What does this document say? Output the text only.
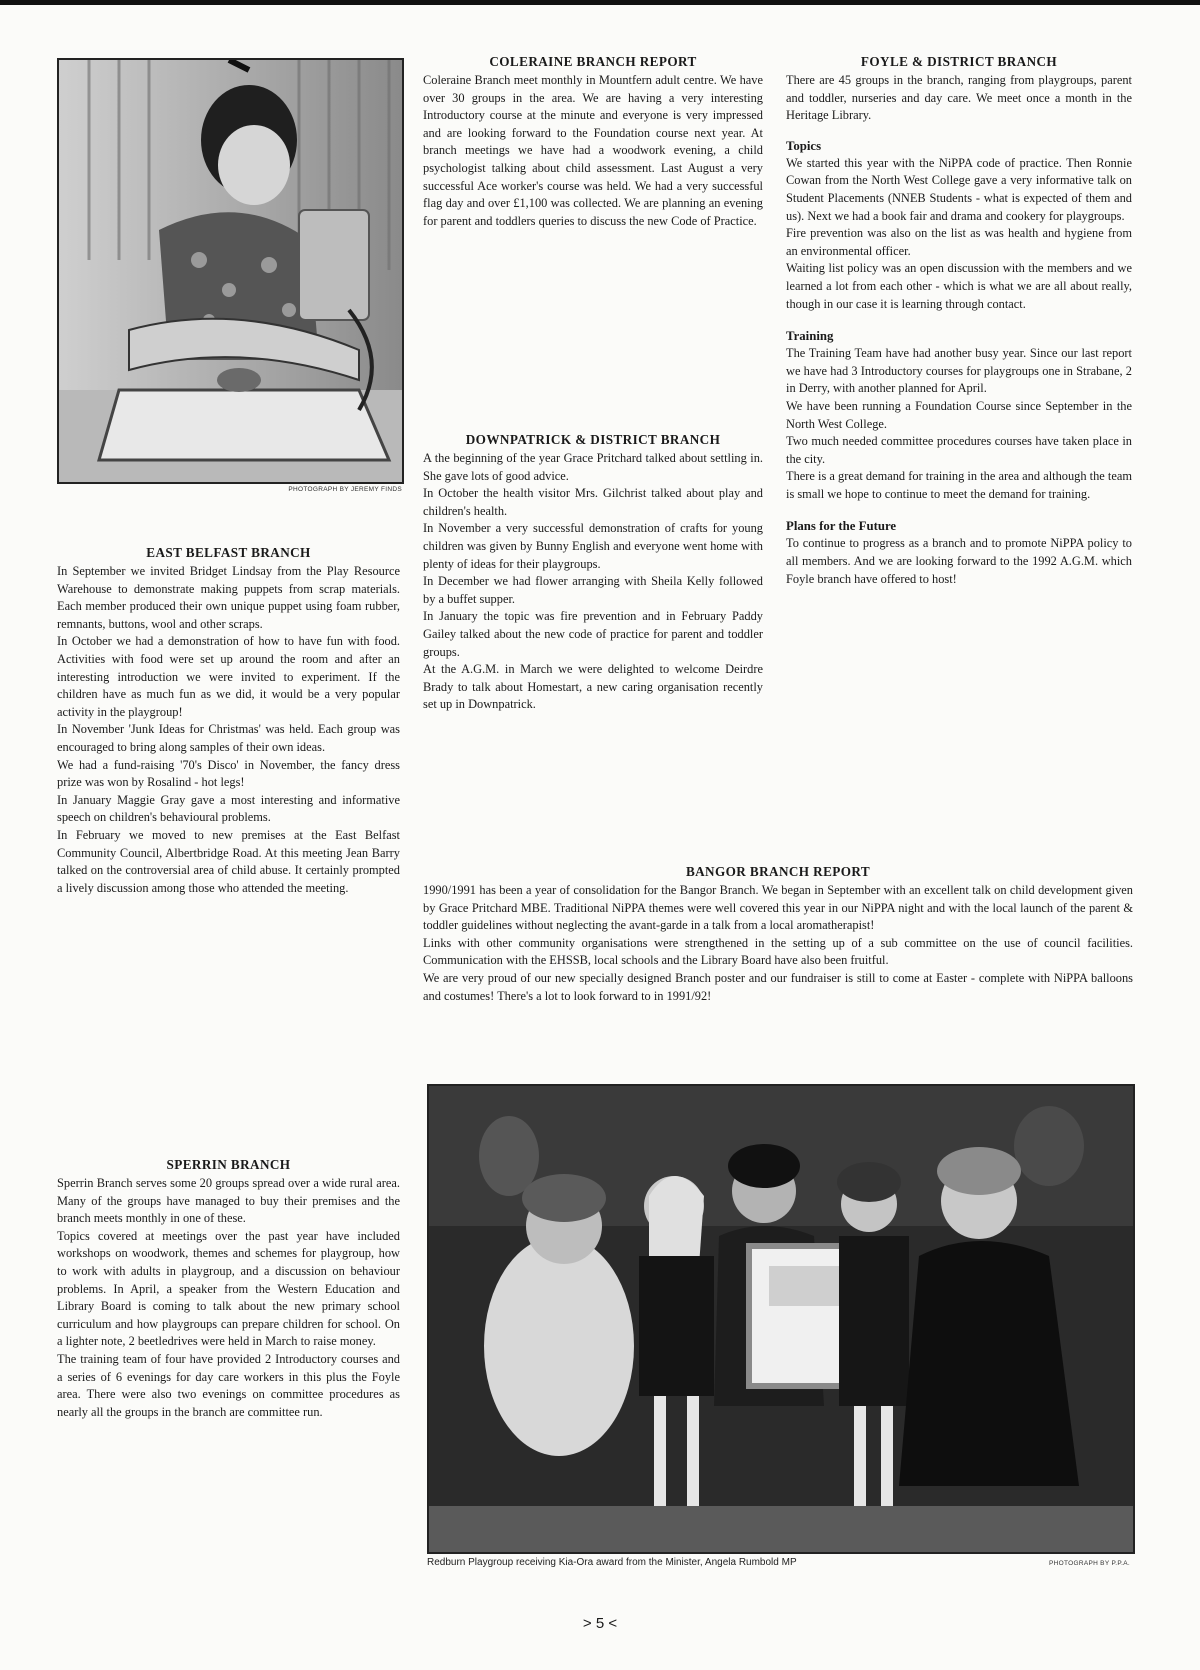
PHOTOGRAPH BY JEREMY FINDS
EAST BELFAST BRANCH

In September we invited Bridget Lindsay from the Play Resource Warehouse to demonstrate making puppets from scrap materials. Each member produced their own unique puppet using foam rubber, remnants, buttons, wool and other scraps.

In October we had a demonstration of how to have fun with food. Activities with food were set up around the room and after an interesting introduction we were invited to experiment. If the children have as much fun as we did, it would be a very popular activity in the playgroup!

In November 'Junk Ideas for Christmas' was held. Each group was encouraged to bring along samples of their own ideas.

We had a fund-raising '70's Disco' in November, the fancy dress prize was won by Rosalind - hot legs!

In January Maggie Gray gave a most interesting and informative speech on children's behavioural problems.

In February we moved to new premises at the East Belfast Community Council, Albertbridge Road. At this meeting Jean Barry talked on the controversial area of child abuse. It certainly prompted a lively discussion among those who attended the meeting.

SPERRIN BRANCH

Sperrin Branch serves some 20 groups spread over a wide rural area. Many of the groups have managed to buy their premises and the branch meets monthly in one of these.

Topics covered at meetings over the past year have included workshops on woodwork, themes and schemes for playgroup, how to work with adults in playgroup, and a discussion on behaviour problems. In April, a speaker from the Western Education and Library Board is coming to talk about the new primary school curriculum and how playgroups can prepare children for school. On a lighter note, 2 beetledrives were held in March to raise money.

The training team of four have provided 2 Introductory courses and a series of 6 evenings for day care workers in this plus the Foyle area. There were also two evenings on committee procedures as nearly all the groups in the branch are committee run.

COLERAINE BRANCH REPORT

Coleraine Branch meet monthly in Mountfern adult centre. We have over 30 groups in the area. We are having a very interesting Introductory course at the minute and everyone is very impressed and are looking forward to the Foundation course next year. At branch meetings we have had a woodwork evening, a child psychologist talking about child assessment. Last August a very successful Ace worker's course was held. We had a very successful flag day and over £1,100 was collected. We are planning an evening for parent and toddlers queries to discuss the new Code of Practice.

DOWNPATRICK & DISTRICT BRANCH

A the beginning of the year Grace Pritchard talked about settling in. She gave lots of good advice.

In October the health visitor Mrs. Gilchrist talked about play and children's health.

In November a very successful demonstration of crafts for young children was given by Bunny English and everyone went home with plenty of ideas for their playgroups.

In December we had flower arranging with Sheila Kelly followed by a buffet supper.

In January the topic was fire prevention and in February Paddy Gailey talked about the new code of practice for parent and toddler groups.

At the A.G.M. in March we were delighted to welcome Deirdre Brady to talk about Homestart, a new caring organisation recently set up in Downpatrick.

FOYLE & DISTRICT BRANCH

There are 45 groups in the branch, ranging from playgroups, parent and toddler, nurseries and day care. We meet once a month in the Heritage Library.

Topics

We started this year with the NiPPA code of practice. Then Ronnie Cowan from the North West College gave a very informative talk on Student Placements (NNEB Students - what is expected of them and us). Next we had a book fair and drama and cookery for playgroups.

Fire prevention was also on the list as was health and hygiene from an environmental officer.

Waiting list policy was an open discussion with the members and we learned a lot from each other - which is what we are all about really, though in our case it is learning through contact.

Training

The Training Team have had another busy year. Since our last report we have had 3 Introductory courses for playgroups one in Strabane, 2 in Derry, with another planned for April.

We have been running a Foundation Course since September in the North West College.

Two much needed committee procedures courses have taken place in the city.

There is a great demand for training in the area and although the team is small we hope to continue to meet the demand for training.

Plans for the Future

To continue to progress as a branch and to promote NiPPA policy to all members. And we are looking forward to the 1992 A.G.M. which Foyle branch have offered to host!

BANGOR BRANCH REPORT

1990/1991 has been a year of consolidation for the Bangor Branch. We began in September with an excellent talk on child development given by Grace Pritchard MBE. Traditional NiPPA themes were well covered this year in our NiPPA night and with the local launch of the parent & toddler guidelines without neglecting the avant-garde in a talk from a local aromatherapist!

Links with other community organisations were strengthened in the setting up of a sub committee on the use of council facilities. Communication with the EHSSB, local schools and the Library Board have also been fruitful.

We are very proud of our new specially designed Branch poster and our fundraiser is still to come at Easter - complete with NiPPA balloons and costumes! There's a lot to look forward to in 1991/92!

Redburn Playgroup receiving Kia-Ora award from the Minister, Angela Rumbold MP	PHOTOGRAPH BY P.P.A.
> 5 <
